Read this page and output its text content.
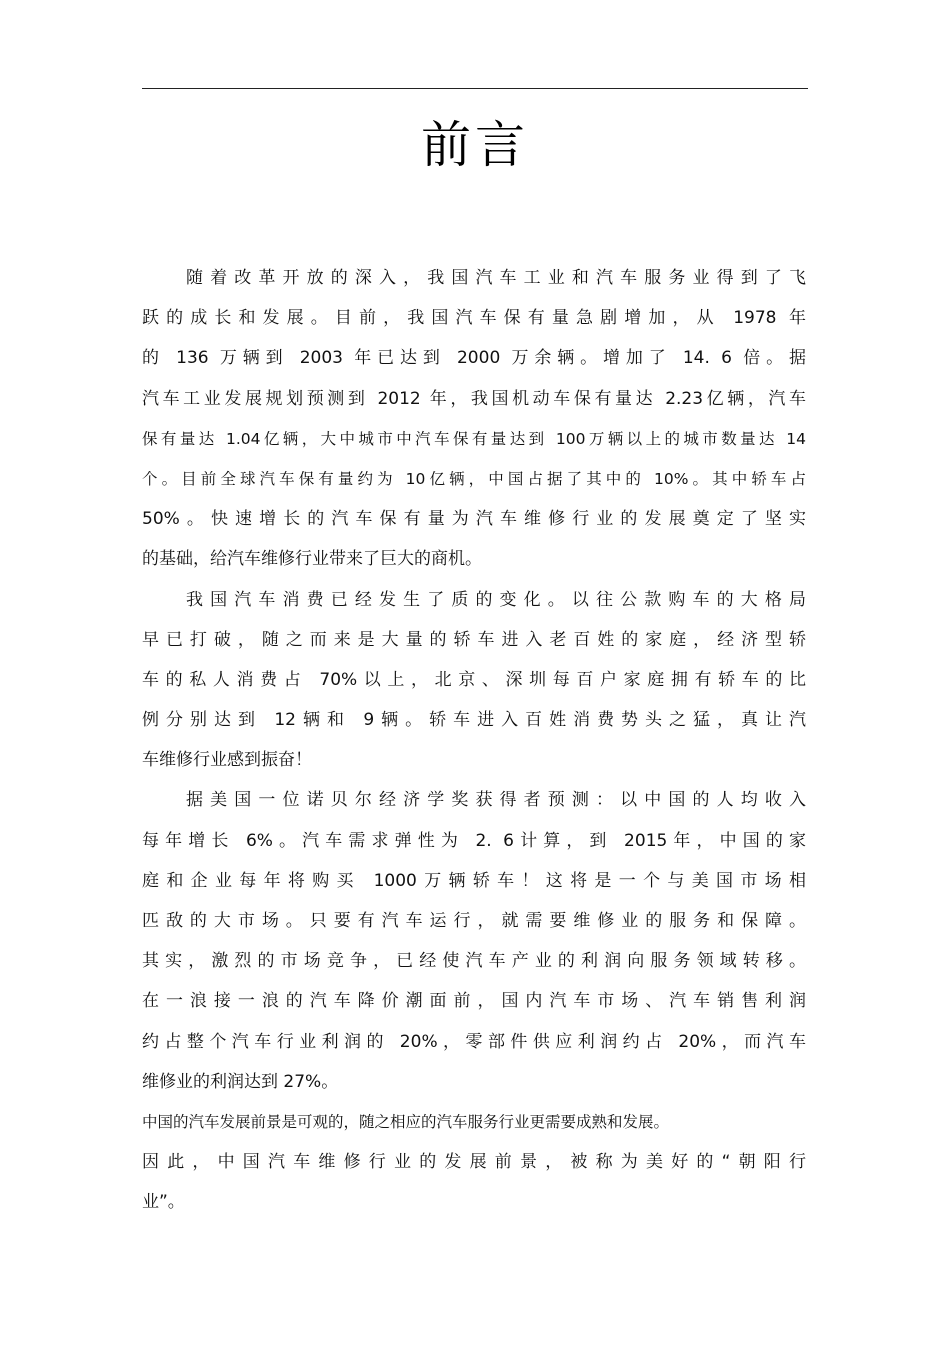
前言
随着改革开放的深入，我国汽车工业和汽车服务业得到了飞
跃的成长和发展。目前，我国汽车保有量急剧增加，从 1978 年
的 136 万辆到 2003 年已达到 2000 万余辆。增加了 14. 6 倍。据
汽车工业发展规划预测到 2012 年，我国机动车保有量达 2.23亿辆，汽车
保有量达 1.04亿辆，大中城市中汽车保有量达到 100万辆以上的城市数量达 14
个。目前全球汽车保有量约为 10亿辆，中国占据了其中的 10%。其中轿车占
50%。快速增长的汽车保有量为汽车维修行业的发展奠定了坚实
的基础，给汽车维修行业带来了巨大的商机。
我国汽车消费已经发生了质的变化。以往公款购车的大格局
早已打破，随之而来是大量的轿车进入老百姓的家庭，经济型轿
车的私人消费占 70%以上，北京、深圳每百户家庭拥有轿车的比
例分别达到 12辆和 9辆。轿车进入百姓消费势头之猛，真让汽
车维修行业感到振奋！
据美国一位诺贝尔经济学奖获得者预测：以中国的人均收入
每年增长 6%。汽车需求弹性为 2. 6计算，到 2015年，中国的家
庭和企业每年将购买 1000万辆轿车！这将是一个与美国市场相
匹敌的大市场。只要有汽车运行，就需要维修业的服务和保障。
其实，激烈的市场竞争，已经使汽车产业的利润向服务领域转移。
在一浪接一浪的汽车降价潮面前，国内汽车市场、汽车销售利润
约占整个汽车行业利润的 20%，零部件供应利润约占 20%，而汽车
维修业的利润达到 27%。
中国的汽车发展前景是可观的，随之相应的汽车服务行业更需要成熟和发展。
因此，中国汽车维修行业的发展前景，被称为美好的“朝阳行
业”。
